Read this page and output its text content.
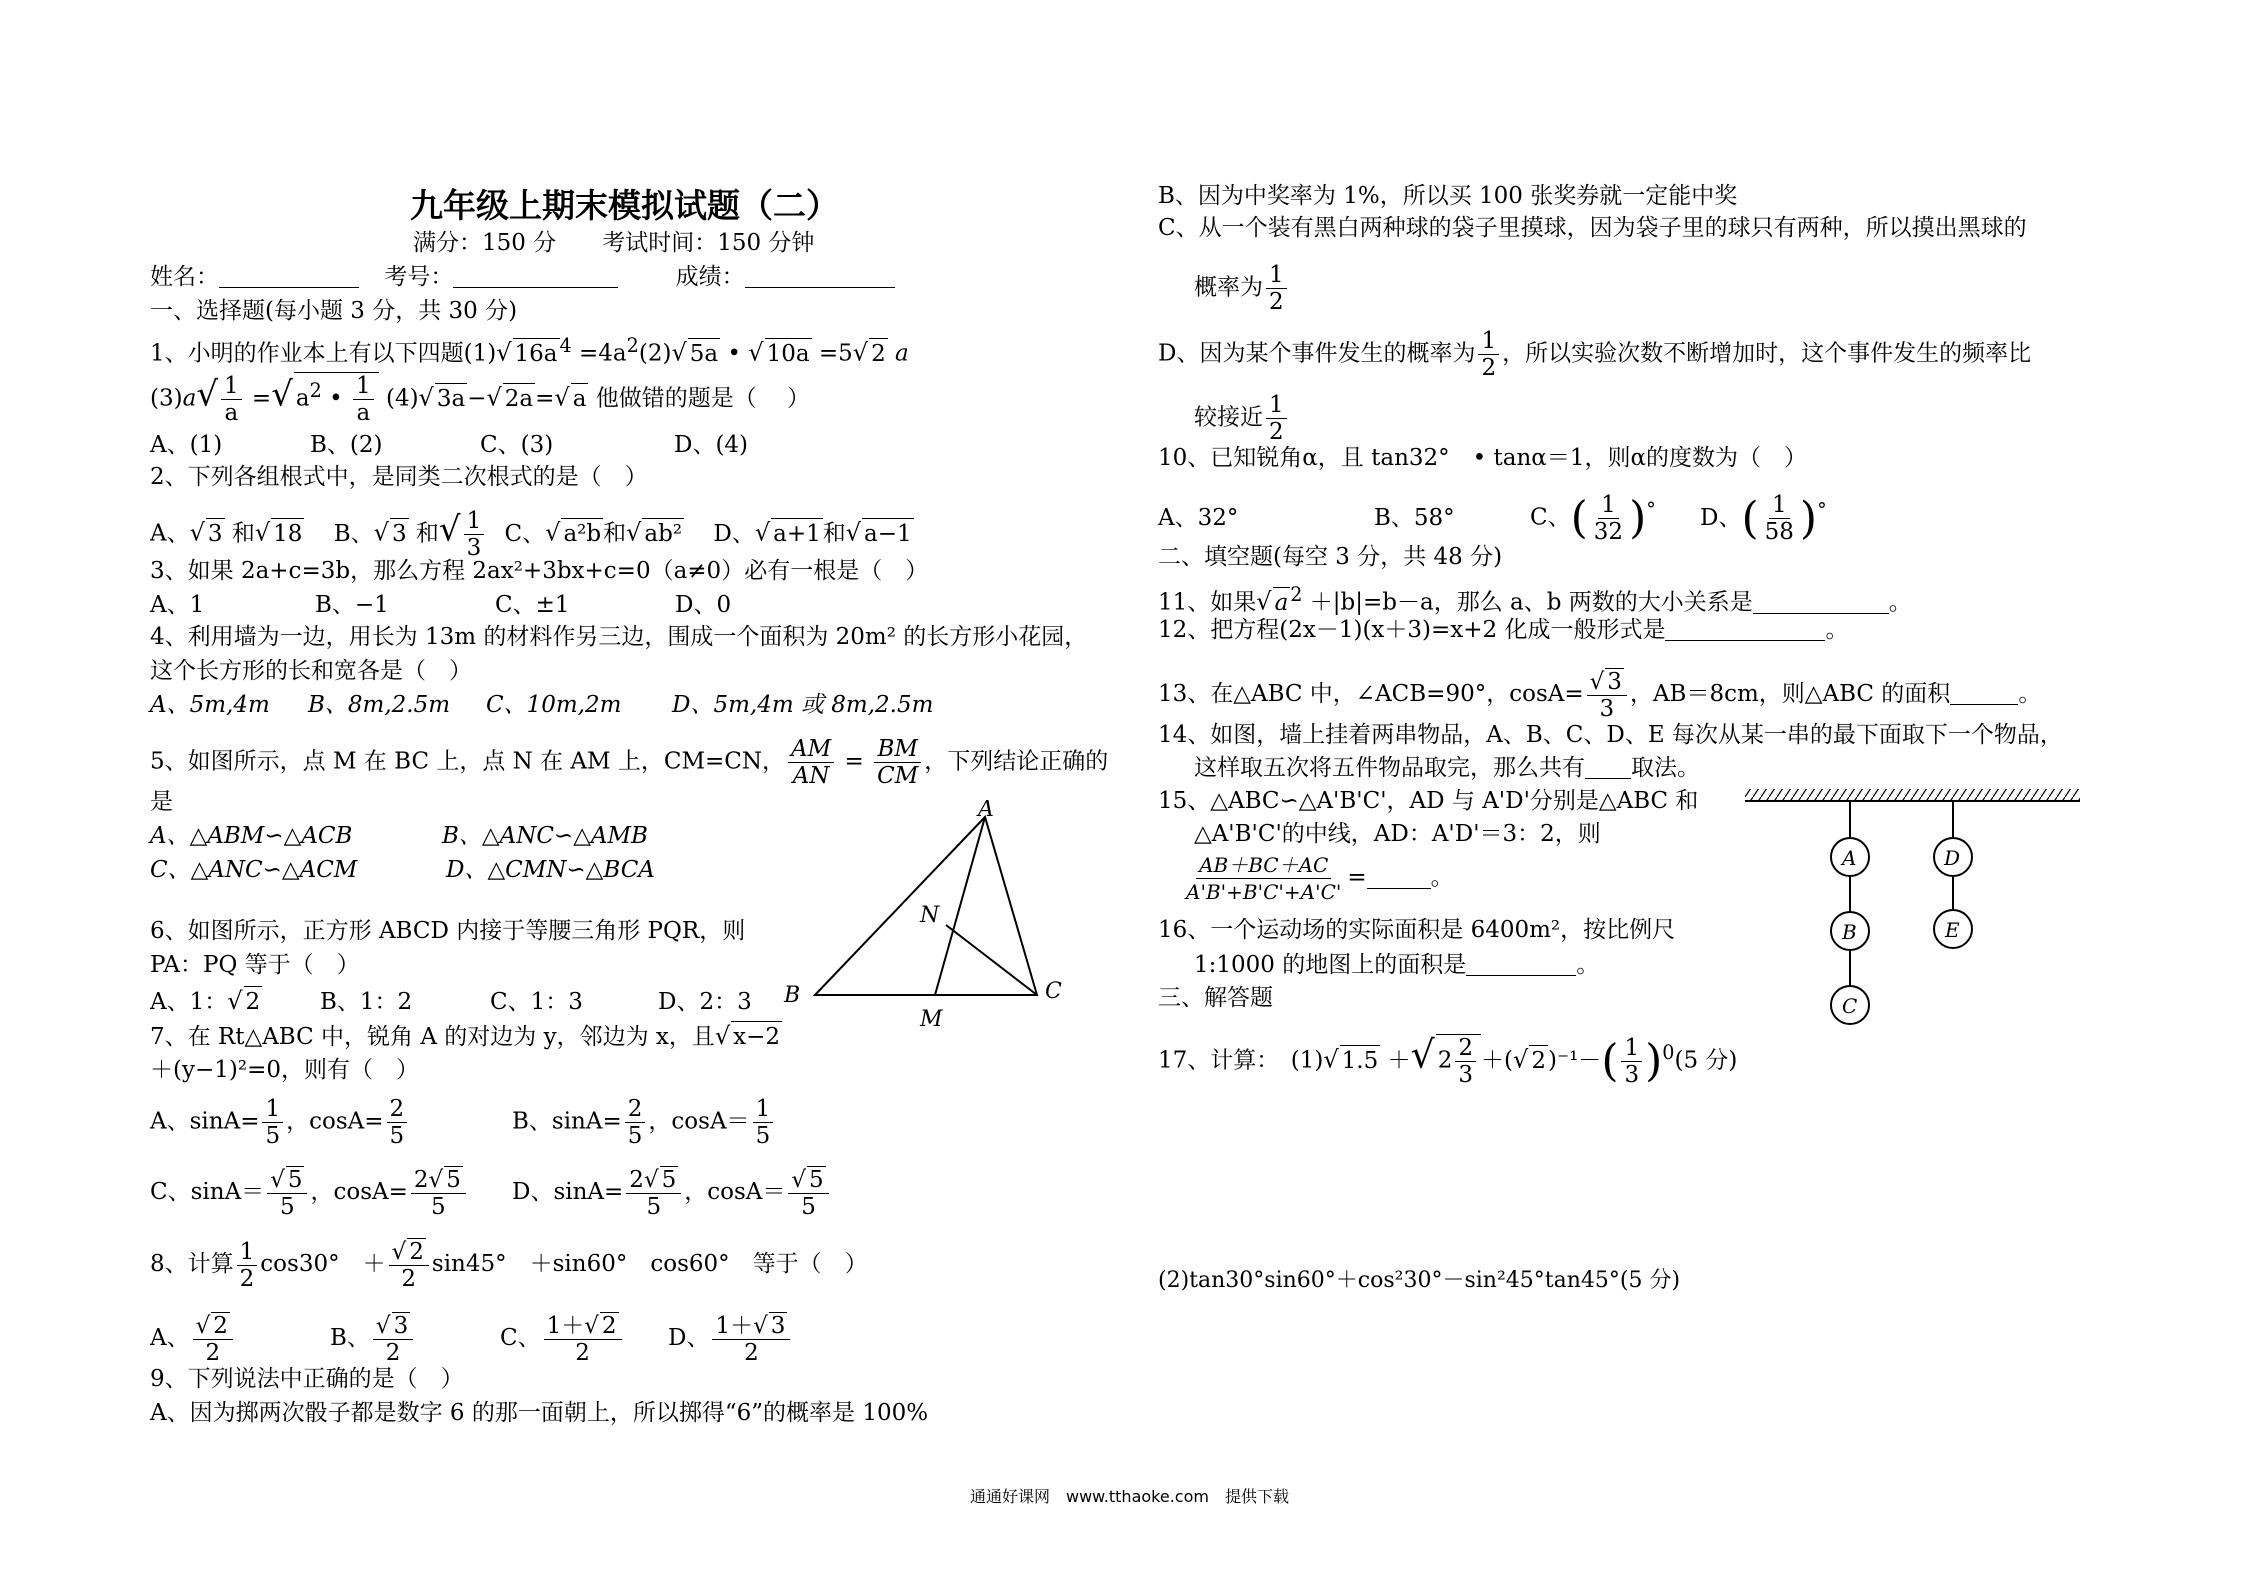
九年级上期末模拟试题（二）
满分：150 分　　考试时间：150 分钟
姓名：	考号：	成绩：
一、选择题(每小题 3 分，共 30 分)
1、小明的作业本上有以下四题(1)√ 16a $^4 =4a^2(2)√$ 5a • √ 10a =5√ 2 a
$(3)a√ \frac{1}{a}$ =√ $a^2$ • $\frac{1}{a} (4)√$ 3a−√ 2a=√ a 他做错的题是（　 ）
A、(1)	B、(2)	C、(3)	D、(4)
2、下列各组根式中，是同类二次根式的是（　）
A、√ 3 和√ 18 B、√ 3 和√ $\frac{1}{3}$ C、√ a²b和√ ab² D、√ a+1和√ a−1
3、如果 2a+c=3b，那么方程 2ax²+3bx+c=0（a≠0）必有一根是（　）
A、1	B、−1	C、±1	D、0
4、利用墙为一边，用长为 13m 的材料作另三边，围成一个面积为 20m² 的长方形小花园，
这个长方形的长和宽各是（　）
A、5m,4m B、8m,2.5m C、10m,2m D、5m,4m 或 8m,2.5m
5、如图所示，点 M 在 BC 上，点 N 在 AM 上，CM=CN， $\frac{AM}{AN} = \frac{BM}{CM}$ ，下列结论正确的
是
A、△ABM∽△ACB	B、△ANC∽△AMB
C、△ANC∽△ACM	D、△CMN∽△BCA
A
B	C
M
N
6、如图所示，正方形 ABCD 内接于等腰三角形 PQR，则
PA：PQ 等于（　）
A、1：√ 2	B、1：2	C、1：3	D、2：3
7、在 Rt△ABC 中，锐角 A 的对边为 y，邻边为 x，且√ x−2
＋(y−1)²=0，则有（　）
A、$\sin A= \frac{1}{5}$ ，$\cos A= \frac{2}{5}$	B、$\sin A= \frac{2}{5}$ ，$\cos A= \frac{1}{5}$
C、$\sin A= \frac{√ 5}{5}$ ，$\cos A= \frac{2√ 5}{5}$ D、$\sin A= \frac{2√ 5}{5}$ ，$\cos A= \frac{√ 5}{5}$
8、计算 $\frac{1}{2} \cos 30^\circ$　＋ $\frac{√ 2}{2} \sin 45^\circ$　＋sin60°　cos60°　等于（　）
A、 $\frac{√ 2}{2}$	B、 $\frac{√ 3}{2}$	C、 $\frac{1+√ 2}{2}$ D、 $\frac{1+√ 3}{2}$
9、下列说法中正确的是（　）
A、因为掷两次骰子都是数字 6 的那一面朝上，所以掷得“6”的概率是 100%
B、因为中奖率为 1%，所以买 100 张奖券就一定能中奖
C、从一个装有黑白两种球的袋子里摸球，因为袋子里的球只有两种，所以摸出黑球的
概率为 $\frac{1}{2}$
D、因为某个事件发生的概率为 $\frac{1}{2}$ ，所以实验次数不断增加时，这个事件发生的频率比
较接近 $\frac{1}{2}$
10、已知锐角α，且 tan32°　• tanα＝1，则α的度数为（　）
A、32°	B、58°	C、( $\frac{1}{32} )^\circ$ D、( $\frac{1}{58} )^\circ$
二、填空题(每空 3 分，共 48 分)
11、如果√ a $^2$ ＋|b|=b－a，那么 a、b 两数的大小关系是	。
12、把方程(2x－1)(x＋3)=x+2 化成一般形式是	。
13、在△ABC 中，∠ACB=90°，$\cos A= \frac{√ 3}{3}$ ，AB＝8cm，则△ABC 的面积	。
14、如图，墙上挂着两串物品，A、B、C、D、E 每次从某一串的最下面取下一个物品，
这样取五次将五件物品取完，那么共有 取法。
15、△ABC∽△A'B'C'，AD 与 A'D'分别是△ABC 和
△A'B'C'的中线，AD：A'D'＝3：2，则
$\frac{AB+BC+AC}{A'B'+B'C'+A'C'}$ =	。
16、一个运动场的实际面积是 6400m²，按比例尺
1:1000 的地图上的面积是	。
A
B
C
D
E
三、解答题
17、计算：　(1)√ 1.5 ＋√ $2 \frac{2}{3}$ ＋(√ $2)^{-1}-( \frac{1}{3} )^0(5$ 分)
(2)tan30°sin60°＋cos²30°－sin²45°tan45°(5 分)
通通好课网　www.tthaoke.com　提供下载
